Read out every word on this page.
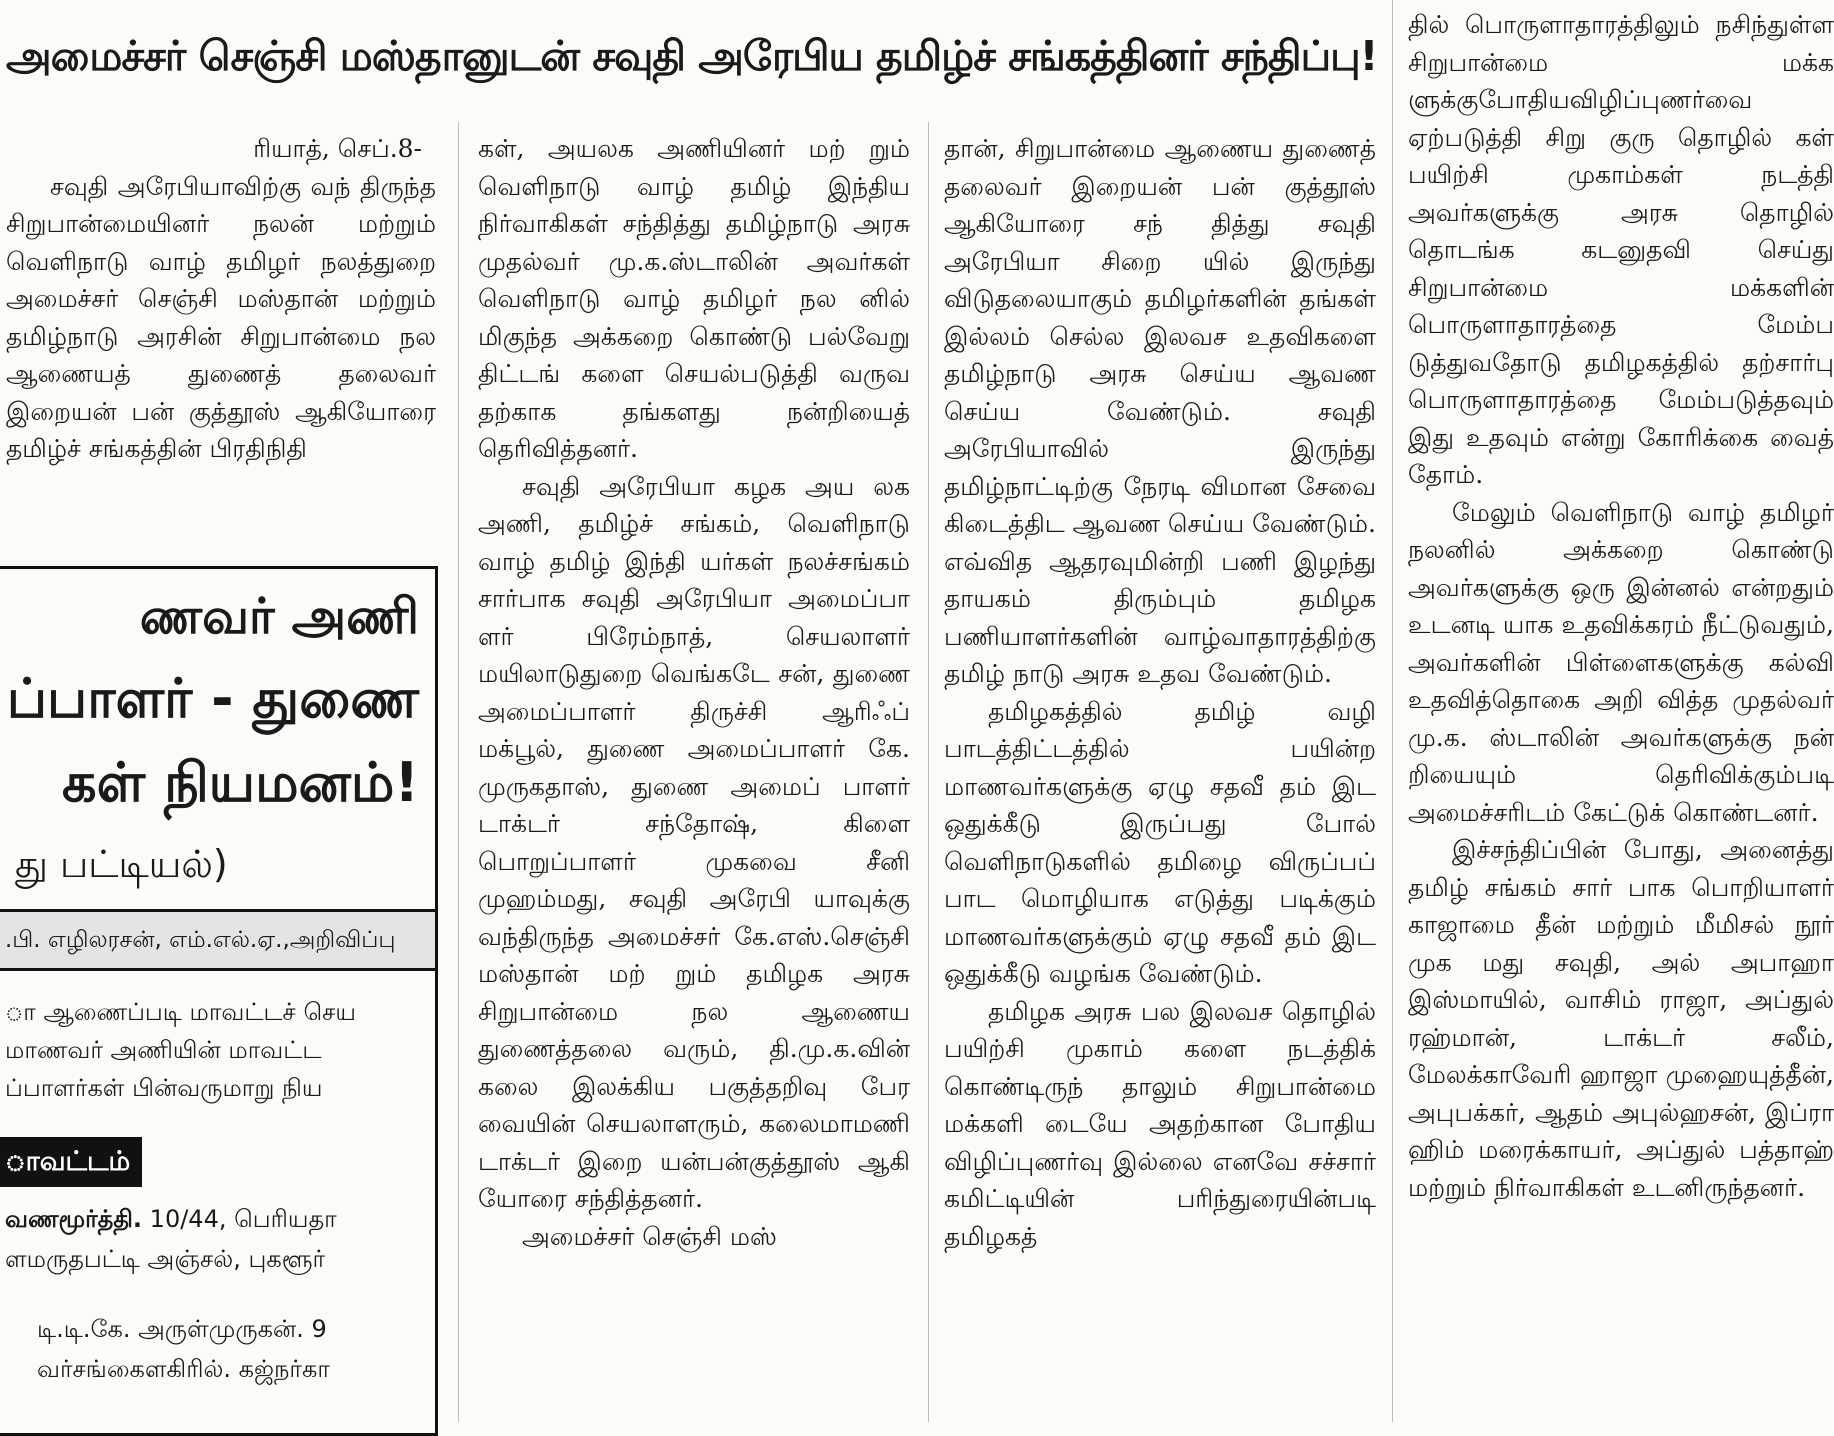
அமைச்சர் செஞ்சி மஸ்தானுடன் சவுதி அரேபிய தமிழ்ச் சங்கத்தினர் சந்திப்பு!

ரியாத், செப்.8-

சவுதி அரேபியாவிற்கு வந் திருந்த சிறுபான்மையினர் நலன் மற்றும் வெளிநாடு வாழ் தமிழர் நலத்துறை அமைச்சர் செஞ்சி மஸ்தான் மற்றும் தமிழ்நாடு அரசின் சிறுபான்மை நல ஆணையத் துணைத் தலைவர் இறையன் பன் குத்தூஸ் ஆகியோரை தமிழ்ச் சங்கத்தின் பிரதிநிதி

கள், அயலக அணியினர் மற் றும் வெளிநாடு வாழ் தமிழ் இந்திய நிர்வாகிகள் சந்தித்து தமிழ்நாடு அரசு முதல்வர் மு.க.ஸ்டாலின் அவர்கள் வெளிநாடு வாழ் தமிழர் நல னில் மிகுந்த அக்கறை கொண்டு பல்வேறு திட்டங் களை செயல்படுத்தி வருவ தற்காக தங்களது நன்றியைத் தெரிவித்தனர்.

சவுதி அரேபியா கழக அய லக அணி, தமிழ்ச் சங்கம், வெளிநாடு வாழ் தமிழ் இந்தி யர்கள் நலச்சங்கம் சார்பாக சவுதி அரேபியா அமைப்பா ளர் பிரேம்நாத், செயலாளர் மயிலாடுதுறை வெங்கடே சன், துணை அமைப்பாளர் திருச்சி ஆரிஃப் மக்பூல், துணை அமைப்பாளர் கே. முருகதாஸ், துணை அமைப் பாளர் டாக்டர் சந்தோஷ், கிளை பொறுப்பாளர் முகவை சீனி முஹம்மது, சவுதி அரேபி யாவுக்கு வந்திருந்த அமைச்சர் கே.எஸ்.செஞ்சி மஸ்தான் மற் றும் தமிழக அரசு சிறுபான்மை நல ஆணைய துணைத்தலை வரும், தி.மு.க.வின் கலை இலக்கிய பகுத்தறிவு பேர வையின் செயலாளரும், கலைமாமணி டாக்டர் இறை யன்பன்குத்தூஸ் ஆகி யோரை சந்தித்தனர்.

அமைச்சர் செஞ்சி மஸ்

தான், சிறுபான்மை ஆணைய துணைத் தலைவர் இறையன் பன் குத்தூஸ் ஆகியோரை சந் தித்து சவுதி அரேபியா சிறை யில் இருந்து விடுதலையாகும் தமிழர்களின் தங்கள் இல்லம் செல்ல இலவச உதவிகளை தமிழ்நாடு அரசு செய்ய ஆவண செய்ய வேண்டும். சவுதி அரேபியாவில் இருந்து தமிழ்நாட்டிற்கு நேரடி விமான சேவை கிடைத்திட ஆவண செய்ய வேண்டும். எவ்வித ஆதரவுமின்றி பணி இழந்து தாயகம் திரும்பும் தமிழக பணியாளர்களின் வாழ்வாதாரத்திற்கு தமிழ் நாடு அரசு உதவ வேண்டும்.

தமிழகத்தில் தமிழ் வழி பாடத்திட்டத்தில் பயின்ற மாணவர்களுக்கு ஏழு சதவீ தம் இட ஒதுக்கீடு இருப்பது போல் வெளிநாடுகளில் தமிழை விருப்பப் பாட மொழியாக எடுத்து படிக்கும் மாணவர்களுக்கும் ஏழு சதவீ தம் இட ஒதுக்கீடு வழங்க வேண்டும்.

தமிழக அரசு பல இலவச தொழில் பயிற்சி முகாம் களை நடத்திக் கொண்டிருந் தாலும் சிறுபான்மை மக்களி டையே அதற்கான போதிய விழிப்புணர்வு இல்லை எனவே சச்சார் கமிட்டியின் பரிந்துரையின்படி தமிழகத்

தில் பொருளாதாரத்திலும் நசிந்துள்ள சிறுபான்மை மக்க ளுக்குபோதியவிழிப்புணர்வை ஏற்படுத்தி சிறு குரு தொழில் கள் பயிற்சி முகாம்கள் நடத்தி அவர்களுக்கு அரசு தொழில் தொடங்க கடனுதவி செய்து சிறுபான்மை மக்களின் பொருளாதாரத்தை மேம்ப டுத்துவதோடு தமிழகத்தில் தற்சார்பு பொருளாதாரத்தை மேம்படுத்தவும் இது உதவும் என்று கோரிக்கை வைத் தோம்.

மேலும் வெளிநாடு வாழ் தமிழர் நலனில் அக்கறை கொண்டு அவர்களுக்கு ஒரு இன்னல் என்றதும் உடனடி யாக உதவிக்கரம் நீட்டுவதும், அவர்களின் பிள்ளைகளுக்கு கல்வி உதவித்தொகை அறி வித்த முதல்வர் மு.க. ஸ்டாலின் அவர்களுக்கு நன் றியையும் தெரிவிக்கும்படி அமைச்சரிடம் கேட்டுக் கொண்டனர்.

இச்சந்திப்பின் போது, அனைத்து தமிழ் சங்கம் சார் பாக பொறியாளர் காஜாமை தீன் மற்றும் மீமிசல் நூர் முக மது சவுதி, அல் அபாஹா இஸ்மாயில், வாசிம் ராஜா, அப்துல் ரஹ்மான், டாக்டர் சலீம், மேலக்காவேரி ஹாஜா முஹையுத்தீன், அபுபக்கர், ஆதம் அபுல்ஹசன், இப்ரா ஹிம் மரைக்காயர், அப்துல் பத்தாஹ் மற்றும் நிர்வாகிகள் உடனிருந்தனர்.

ணவர் அணி
ப்பாளர் - துணை
கள் நியமனம்!
து பட்டியல்)
.பி. எழிலரசன், எம்.எல்.ஏ.,அறிவிப்பு
ா ஆணைப்படி மாவட்டச் செய
மாணவர் அணியின் மாவட்ட
ப்பாளர்கள் பின்வருமாறு நிய
ாவட்டம்
வணமூர்த்தி. 10/44, பெரியதா
ளமருதபட்டி அஞ்சல், புகளூர்
டி.டி.கே. அருள்முருகன். 9
வர்சங்கைளகிரில். கஜ்நர்கா
